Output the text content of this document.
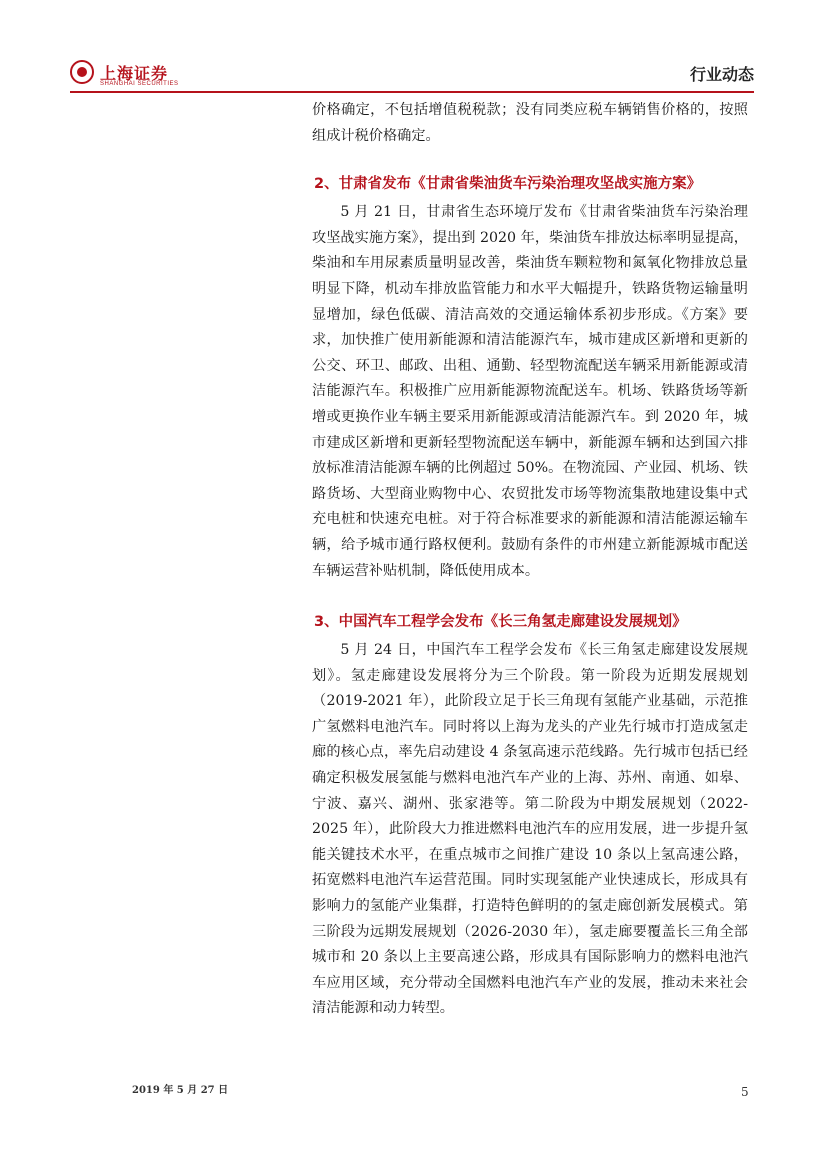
上海证券
SHANGHAI SECURITIES	行业动态

价格确定，不包括增值税税款；没有同类应税车辆销售价格的，按照组成计税价格确定。

2、甘肃省发布《甘肃省柴油货车污染治理攻坚战实施方案》

5 月 21 日，甘肃省生态环境厅发布《甘肃省柴油货车污染治理攻坚战实施方案》，提出到 2020 年，柴油货车排放达标率明显提高，柴油和车用尿素质量明显改善，柴油货车颗粒物和氮氧化物排放总量明显下降，机动车排放监管能力和水平大幅提升，铁路货物运输量明显增加，绿色低碳、清洁高效的交通运输体系初步形成。《方案》要求，加快推广使用新能源和清洁能源汽车，城市建成区新增和更新的公交、环卫、邮政、出租、通勤、轻型物流配送车辆采用新能源或清洁能源汽车。积极推广应用新能源物流配送车。机场、铁路货场等新增或更换作业车辆主要采用新能源或清洁能源汽车。到 2020 年，城市建成区新增和更新轻型物流配送车辆中，新能源车辆和达到国六排放标准清洁能源车辆的比例超过 50%。在物流园、产业园、机场、铁路货场、大型商业购物中心、农贸批发市场等物流集散地建设集中式充电桩和快速充电桩。对于符合标准要求的新能源和清洁能源运输车辆，给予城市通行路权便利。鼓励有条件的市州建立新能源城市配送车辆运营补贴机制，降低使用成本。

3、中国汽车工程学会发布《长三角氢走廊建设发展规划》

5 月 24 日，中国汽车工程学会发布《长三角氢走廊建设发展规划》。氢走廊建设发展将分为三个阶段。第一阶段为近期发展规划（2019-2021 年），此阶段立足于长三角现有氢能产业基础，示范推广氢燃料电池汽车。同时将以上海为龙头的产业先行城市打造成氢走廊的核心点，率先启动建设 4 条氢高速示范线路。先行城市包括已经确定积极发展氢能与燃料电池汽车产业的上海、苏州、南通、如皋、宁波、嘉兴、湖州、张家港等。第二阶段为中期发展规划（2022-2025 年），此阶段大力推进燃料电池汽车的应用发展，进一步提升氢能关键技术水平，在重点城市之间推广建设 10 条以上氢高速公路，拓宽燃料电池汽车运营范围。同时实现氢能产业快速成长，形成具有影响力的氢能产业集群，打造特色鲜明的的氢走廊创新发展模式。第三阶段为远期发展规划（2026-2030 年），氢走廊要覆盖长三角全部城市和 20 条以上主要高速公路，形成具有国际影响力的燃料电池汽车应用区域，充分带动全国燃料电池汽车产业的发展，推动未来社会清洁能源和动力转型。

2019 年 5 月 27 日	5
